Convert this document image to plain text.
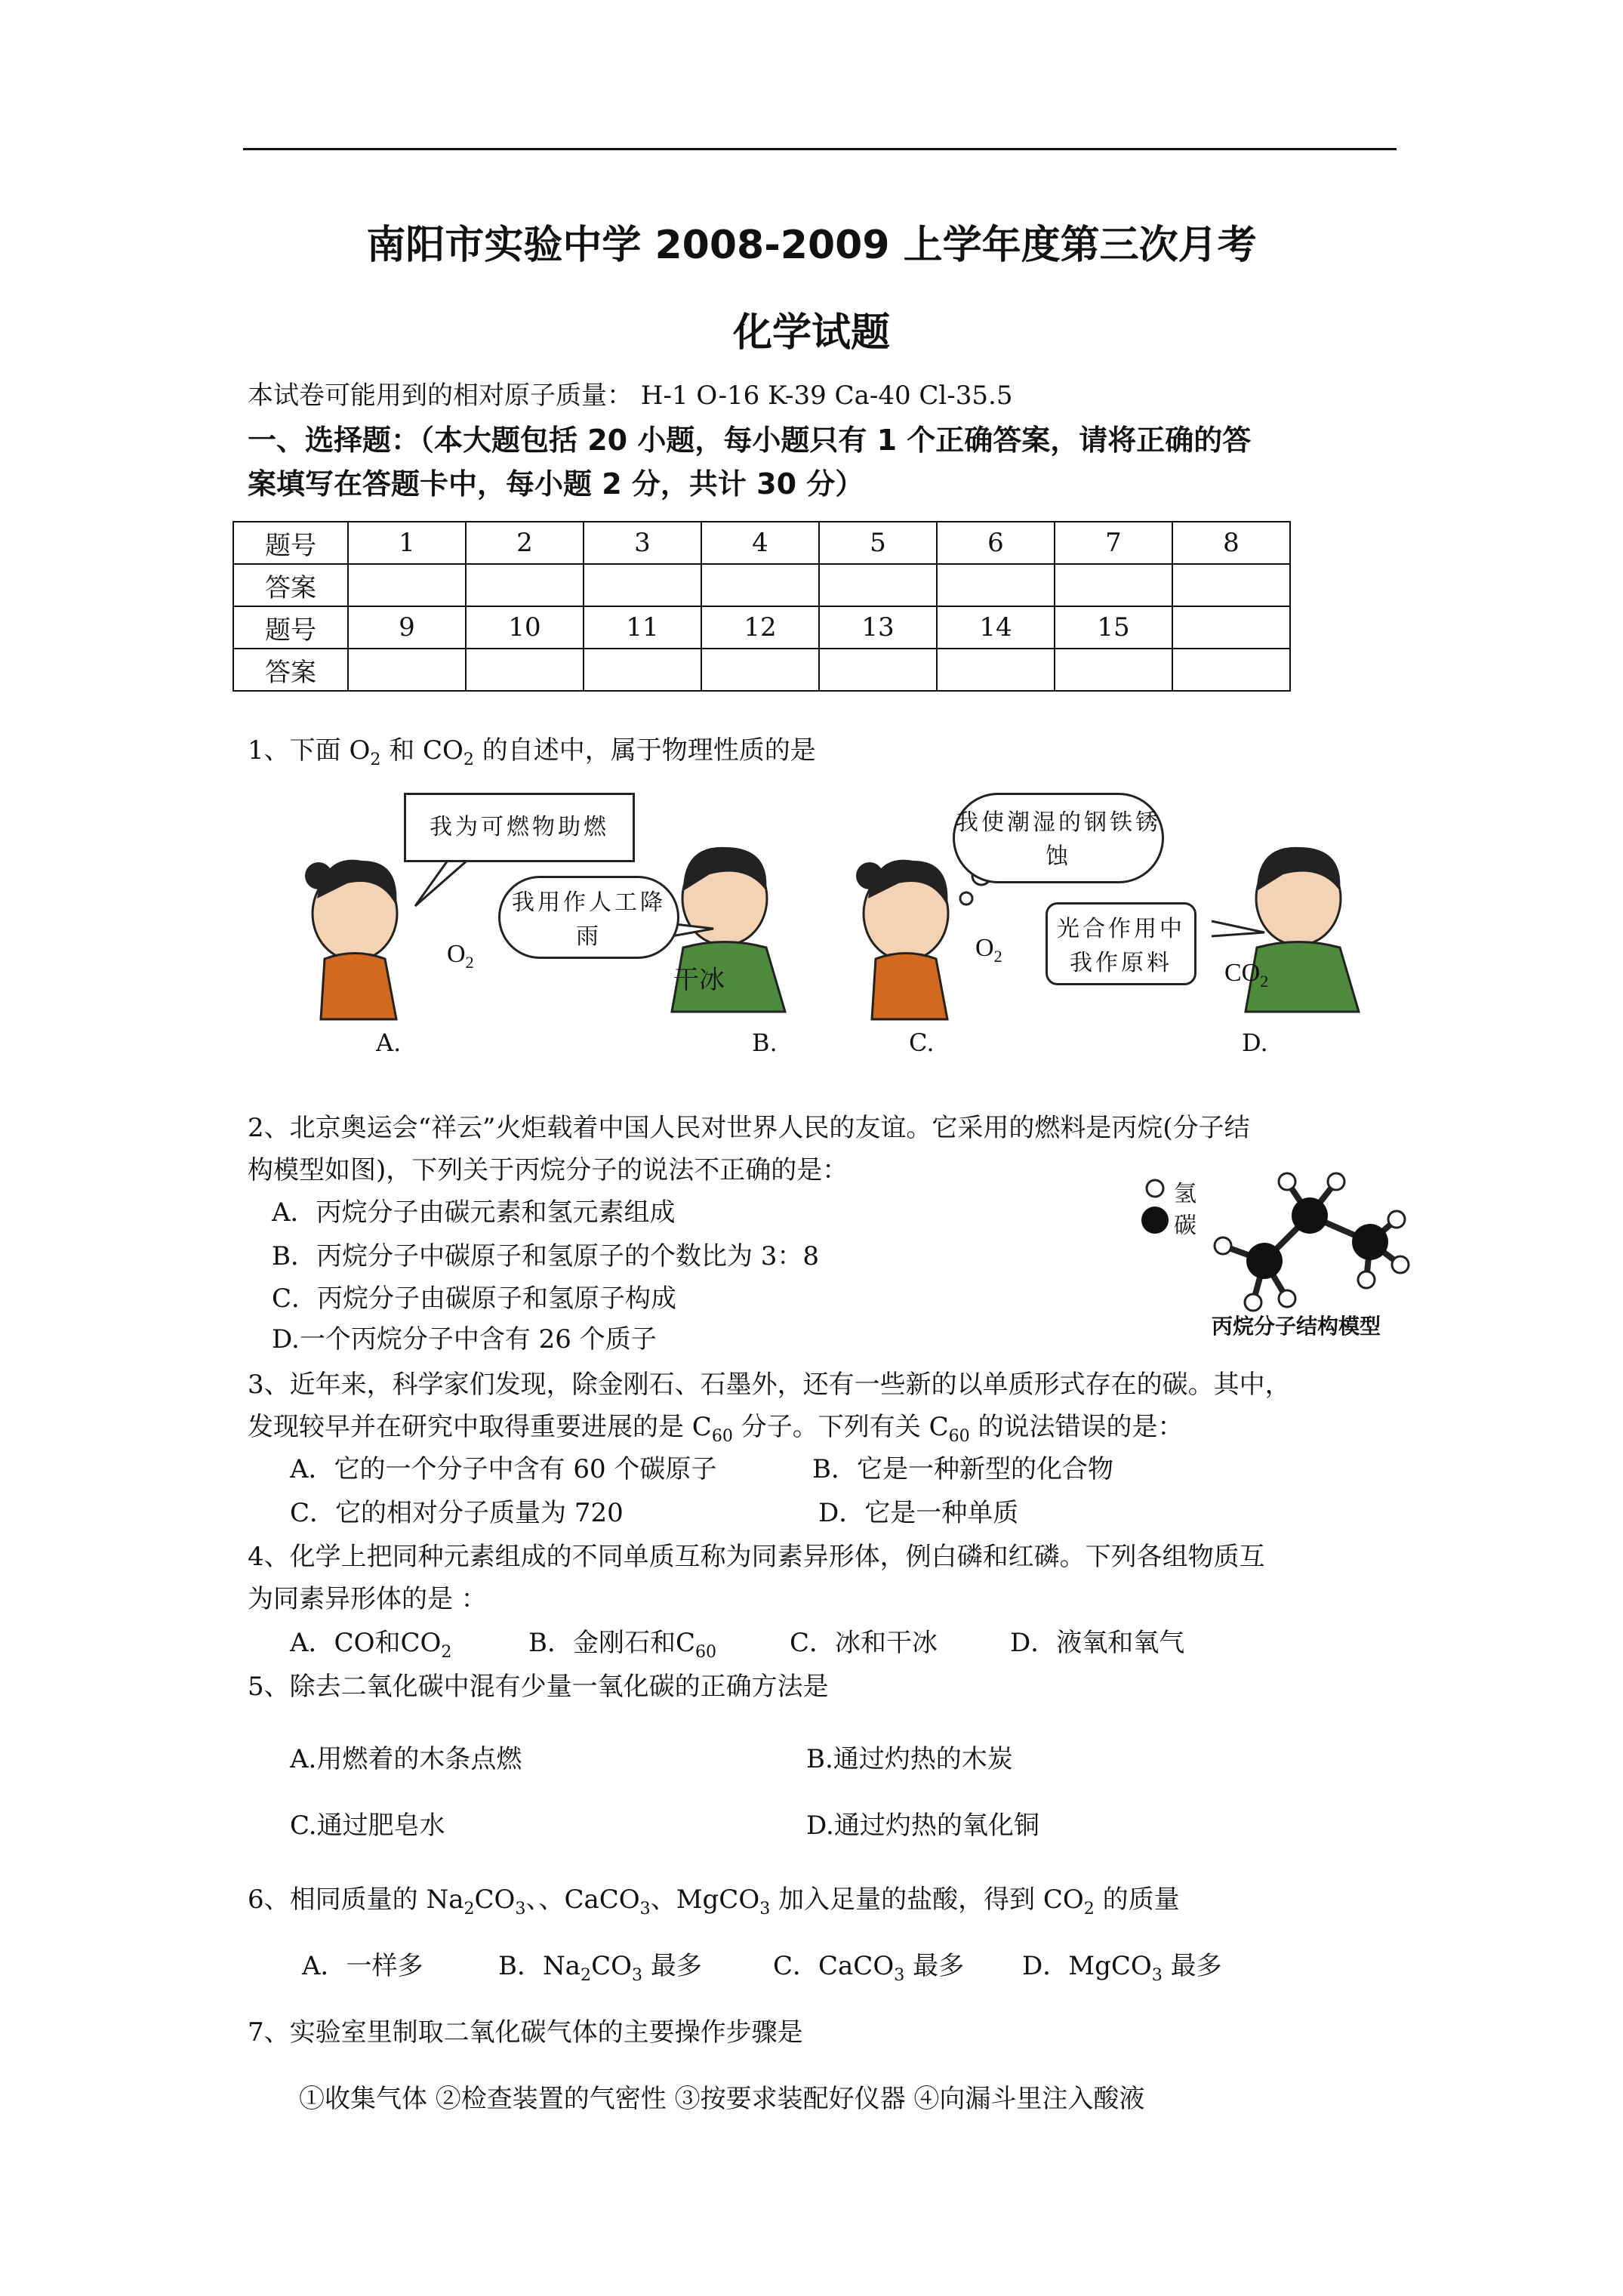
南阳市实验中学 2008-2009 上学年度第三次月考
化学试题
本试卷可能用到的相对原子质量： H-1 O-16 K-39 Ca-40 Cl-35.5
一、选择题：（本大题包括 20 小题，每小题只有 1 个正确答案，请将正确的答
案填写在答题卡中，每小题 2 分，共计 30 分）
题号	1	2	3	4	5	6	7	8
答案								
题号	9	10	11	12	13	14	15	
答案								
1、下面 $O_2$ 和 $CO_2$ 的自述中，属于物理性质的是
我为可燃物助燃
我用作人工降雨
我使潮湿的钢铁锈蚀
光合作用中我作原料
$O_2$
干冰
$O_2$
$CO_2$
A.	B.	C.	D.
2、北京奥运会“祥云”火炬载着中国人民对世界人民的友谊。它采用的燃料是丙烷(分子结
构模型如图)，下列关于丙烷分子的说法不正确的是：
A．丙烷分子由碳元素和氢元素组成
B．丙烷分子中碳原子和氢原子的个数比为 3：8
C．丙烷分子由碳原子和氢原子构成
D.一个丙烷分子中含有 26 个质子
氢
碳
丙烷分子结构模型
3、近年来，科学家们发现，除金刚石、石墨外，还有一些新的以单质形式存在的碳。其中，
发现较早并在研究中取得重要进展的是 $C_{60}$ 分子。下列有关 $C_{60}$ 的说法错误的是：
A．它的一个分子中含有 60 个碳原子	B．它是一种新型的化合物
C．它的相对分子质量为 720	D．它是一种单质
4、化学上把同种元素组成的不同单质互称为同素异形体，例白磷和红磷。下列各组物质互
为同素异形体的是 ：
A．CO和$CO_2$	B．金刚石和$C_{60}$	C．冰和干冰	D．液氧和氧气
5、除去二氧化碳中混有少量一氧化碳的正确方法是
A.用燃着的木条点燃	B.通过灼热的木炭
C.通过肥皂水	D.通过灼热的氧化铜
6、相同质量的 $Na_2CO_3$、、CaCO$_3$、MgCO$_3$ 加入足量的盐酸，得到 $CO_2$ 的质量
A．一样多	B．$Na_2CO_3$ 最多	C．CaCO$_3$ 最多 D．MgCO$_3$ 最多
7、实验室里制取二氧化碳气体的主要操作步骤是
①收集气体 ②检查装置的气密性 ③按要求装配好仪器 ④向漏斗里注入酸液
